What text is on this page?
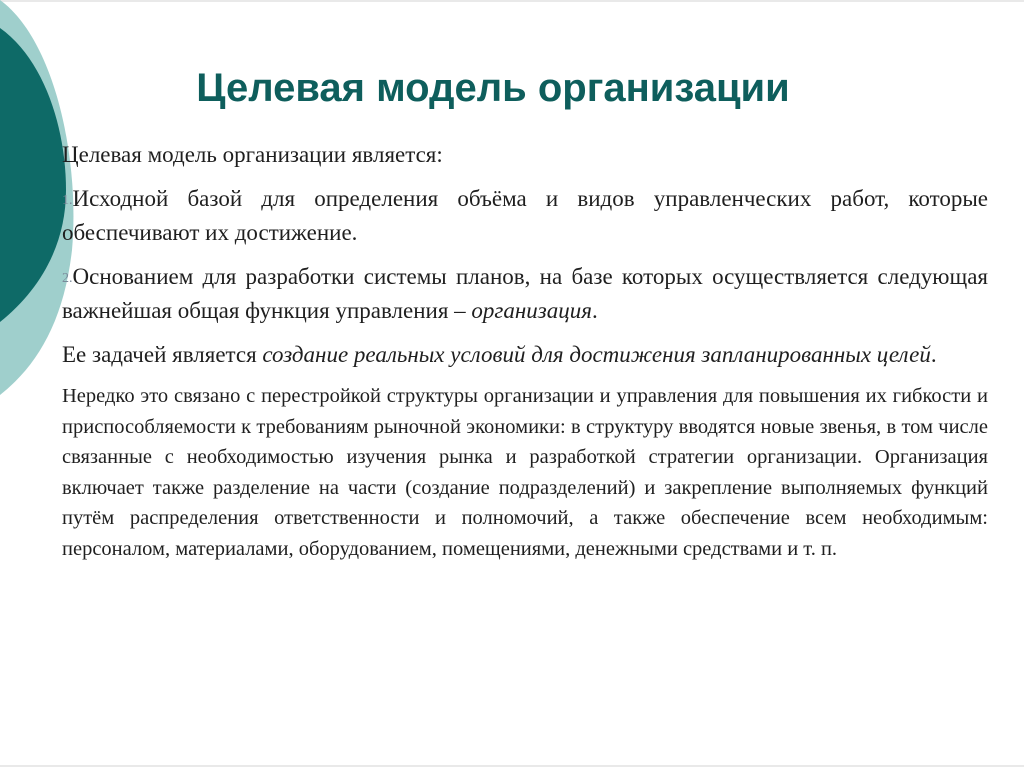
Целевая модель организации

Целевая модель организации является:

1.Исходной базой для определения объёма и видов управленческих работ, которые обеспечивают их достижение.

2.Основанием для разработки системы планов, на базе которых осуществляется следующая важнейшая общая функция управления – организация.

Ее задачей является создание реальных условий для достижения запланированных целей.

Нередко это связано с перестройкой структуры организации и управления для повышения их гибкости и приспособляемости к требованиям рыночной экономики: в структуру вводятся новые звенья, в том числе связанные с необходимостью изучения рынка и разработкой стратегии организации. Организация включает также разделение на части (создание подразделений) и закрепление выполняемых функций путём распределения ответственности и полномочий, а также обеспечение всем необходимым: персоналом, материалами, оборудованием, помещениями, денежными средствами и т. п.
